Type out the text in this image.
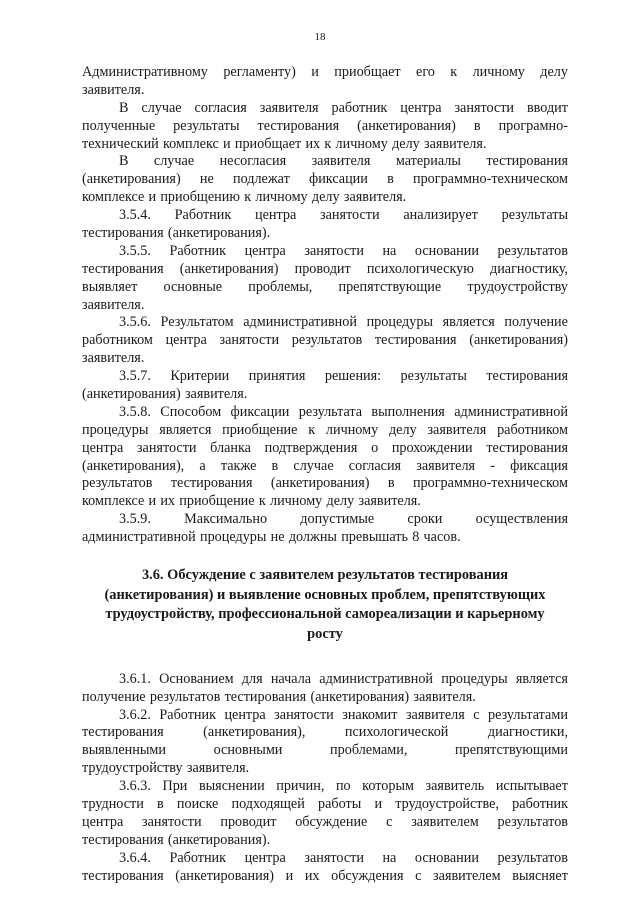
18
Административному регламенту) и приобщает его к личному делу
заявителя.
В случае согласия заявителя работник центра занятости вводит
полученные результаты тестирования (анкетирования) в програмно-
технический комплекс и приобщает их к личному делу заявителя.
В случае несогласия заявителя материалы тестирования
(анкетирования) не подлежат фиксации в программно-техническом
комплексе и приобщению к личному делу заявителя.
3.5.4. Работник центра занятости анализирует результаты
тестирования (анкетирования).
3.5.5. Работник центра занятости на основании результатов
тестирования (анкетирования) проводит психологическую диагностику,
выявляет основные проблемы, препятствующие трудоустройству
заявителя.
3.5.6. Результатом административной процедуры является получение
работником центра занятости результатов тестирования (анкетирования)
заявителя.
3.5.7. Критерии принятия решения: результаты тестирования
(анкетирования) заявителя.
3.5.8. Способом фиксации результата выполнения административной
процедуры является приобщение к личному делу заявителя работником
центра занятости бланка подтверждения о прохождении тестирования
(анкетирования), а также в случае согласия заявителя - фиксация
результатов тестирования (анкетирования) в программно-техническом
комплексе и их приобщение к личному делу заявителя.
3.5.9. Максимально допустимые сроки осуществления
административной процедуры не должны превышать 8 часов.
3.6. Обсуждение с заявителем результатов тестирования
(анкетирования) и выявление основных проблем, препятствующих
трудоустройству, профессиональной самореализации и карьерному
росту
3.6.1. Основанием для начала административной процедуры является
получение результатов тестирования (анкетирования) заявителя.
3.6.2. Работник центра занятости знакомит заявителя с результатами
тестирования	(анкетирования),	психологической	диагностики,
выявленными	основными	проблемами,	препятствующими
трудоустройству заявителя.
3.6.3. При выяснении причин, по которым заявитель испытывает
трудности в поиске подходящей работы и трудоустройстве, работник
центра занятости проводит обсуждение с заявителем результатов
тестирования (анкетирования).
3.6.4. Работник центра занятости на основании результатов
тестирования (анкетирования) и их обсуждения с заявителем выясняет
